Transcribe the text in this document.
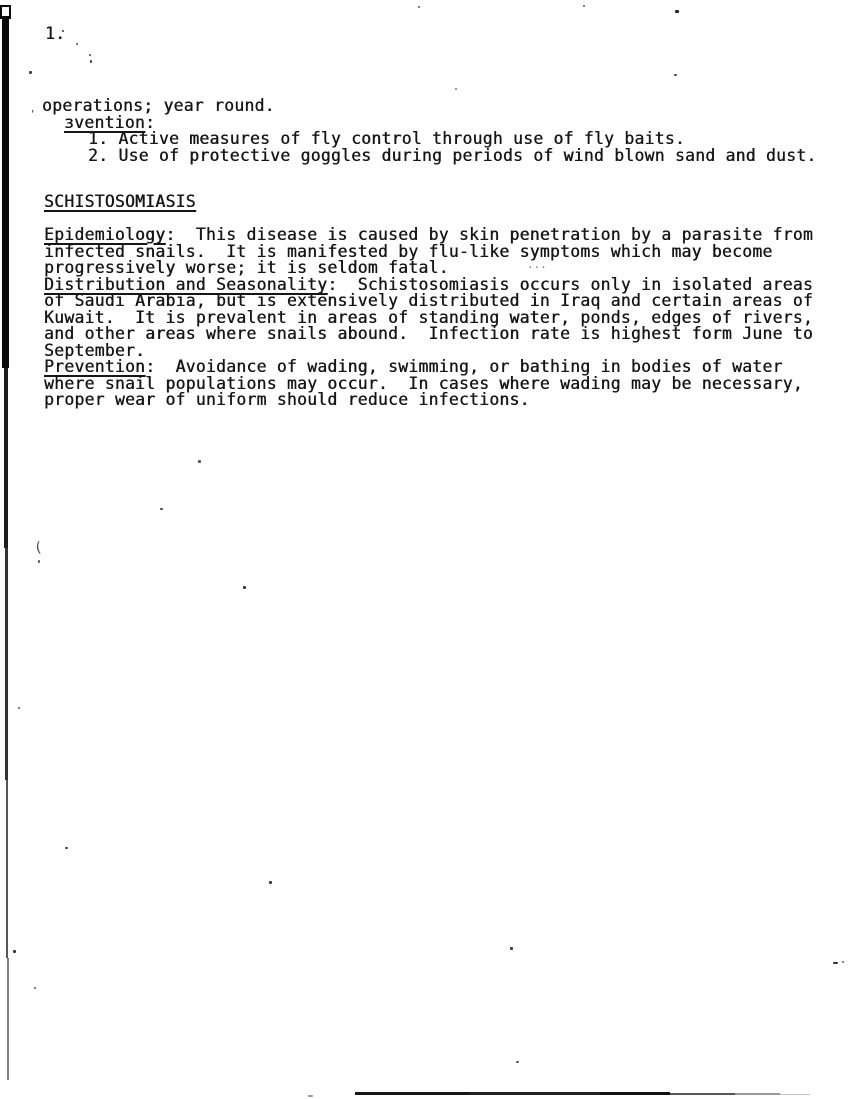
′
(
...
1.
operations; year round.
ɜvention:
1. Active measures of fly control through use of fly baits.
2. Use of protective goggles during periods of wind blown sand and dust.
SCHISTOSOMIASIS
Epidemiology:  This disease is caused by skin penetration by a parasite from
infected snails.  It is manifested by flu-like symptoms which may become
progressively worse; it is seldom fatal.
Distribution and Seasonality:  Schistosomiasis occurs only in isolated areas
of Saudi Arabia, but is extensively distributed in Iraq and certain areas of
Kuwait.  It is prevalent in areas of standing water, ponds, edges of rivers,
and other areas where snails abound.  Infection rate is highest form June to
September.
Prevention:  Avoidance of wading, swimming, or bathing in bodies of water
where snail populations may occur.  In cases where wading may be necessary,
proper wear of uniform should reduce infections.
